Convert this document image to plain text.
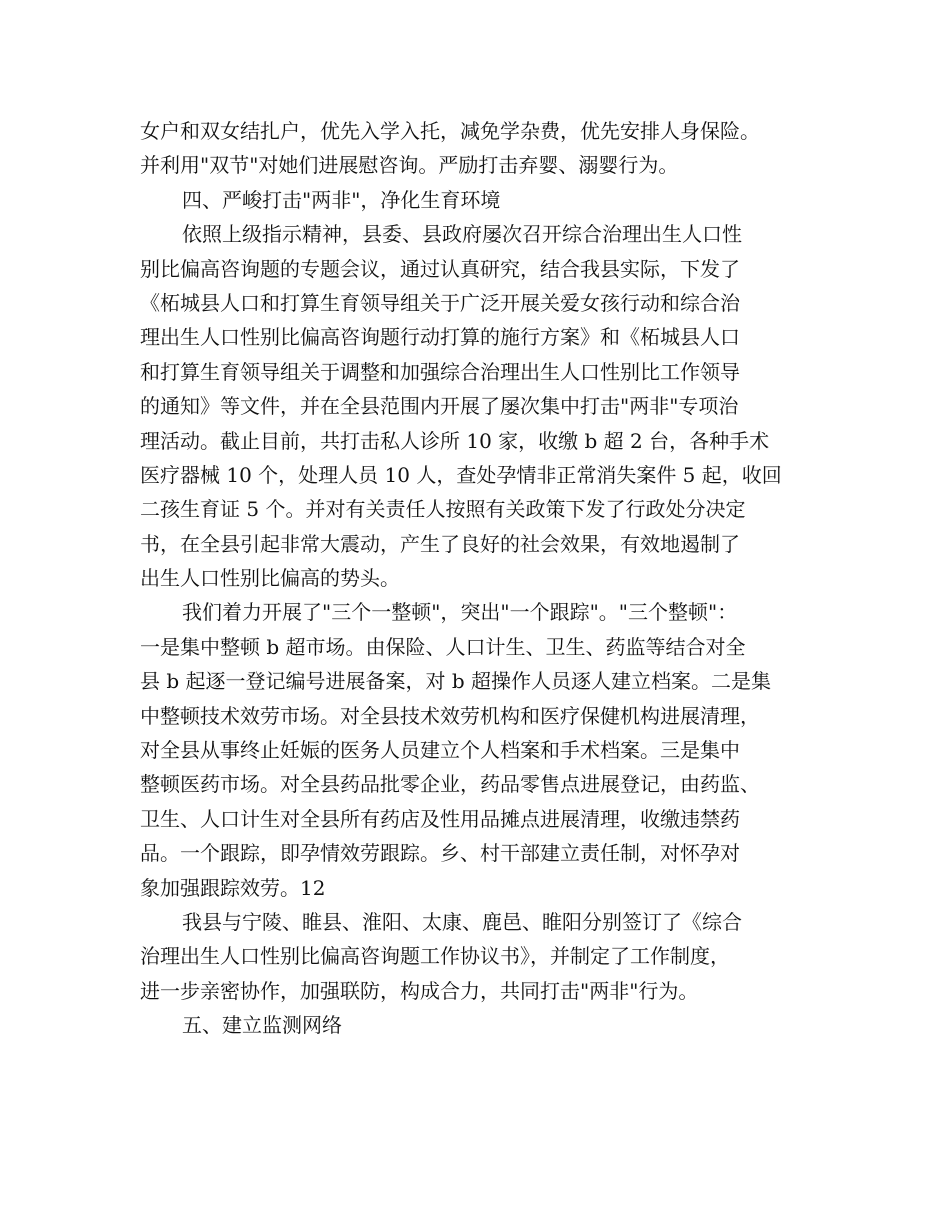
女户和双女结扎户，优先入学入托，减免学杂费，优先安排人身保险。
并利用"双节"对她们进展慰咨询。严励打击弃婴、溺婴行为。
四、严峻打击"两非"，净化生育环境
依照上级指示精神，县委、县政府屡次召开综合治理出生人口性
别比偏高咨询题的专题会议，通过认真研究，结合我县实际，下发了
《柘城县人口和打算生育领导组关于广泛开展关爱女孩行动和综合治
理出生人口性别比偏高咨询题行动打算的施行方案》和《柘城县人口
和打算生育领导组关于调整和加强综合治理出生人口性别比工作领导
的通知》等文件，并在全县范围内开展了屡次集中打击"两非"专项治
理活动。截止目前，共打击私人诊所 10 家，收缴 b 超 2 台，各种手术
医疗器械 10 个，处理人员 10 人，查处孕情非正常消失案件 5 起，收回
二孩生育证 5 个。并对有关责任人按照有关政策下发了行政处分决定
书，在全县引起非常大震动，产生了良好的社会效果，有效地遏制了
出生人口性别比偏高的势头。
我们着力开展了"三个一整顿"，突出"一个跟踪"。"三个整顿"：
一是集中整顿 b 超市场。由保险、人口计生、卫生、药监等结合对全
县 b 起逐一登记编号进展备案，对 b 超操作人员逐人建立档案。二是集
中整顿技术效劳市场。对全县技术效劳机构和医疗保健机构进展清理，
对全县从事终止妊娠的医务人员建立个人档案和手术档案。三是集中
整顿医药市场。对全县药品批零企业，药品零售点进展登记，由药监、
卫生、人口计生对全县所有药店及性用品摊点进展清理，收缴违禁药
品。一个跟踪，即孕情效劳跟踪。乡、村干部建立责任制，对怀孕对
象加强跟踪效劳。12
我县与宁陵、睢县、淮阳、太康、鹿邑、睢阳分别签订了《综合
治理出生人口性别比偏高咨询题工作协议书》，并制定了工作制度，
进一步亲密协作，加强联防，构成合力，共同打击"两非"行为。
五、建立监测网络
